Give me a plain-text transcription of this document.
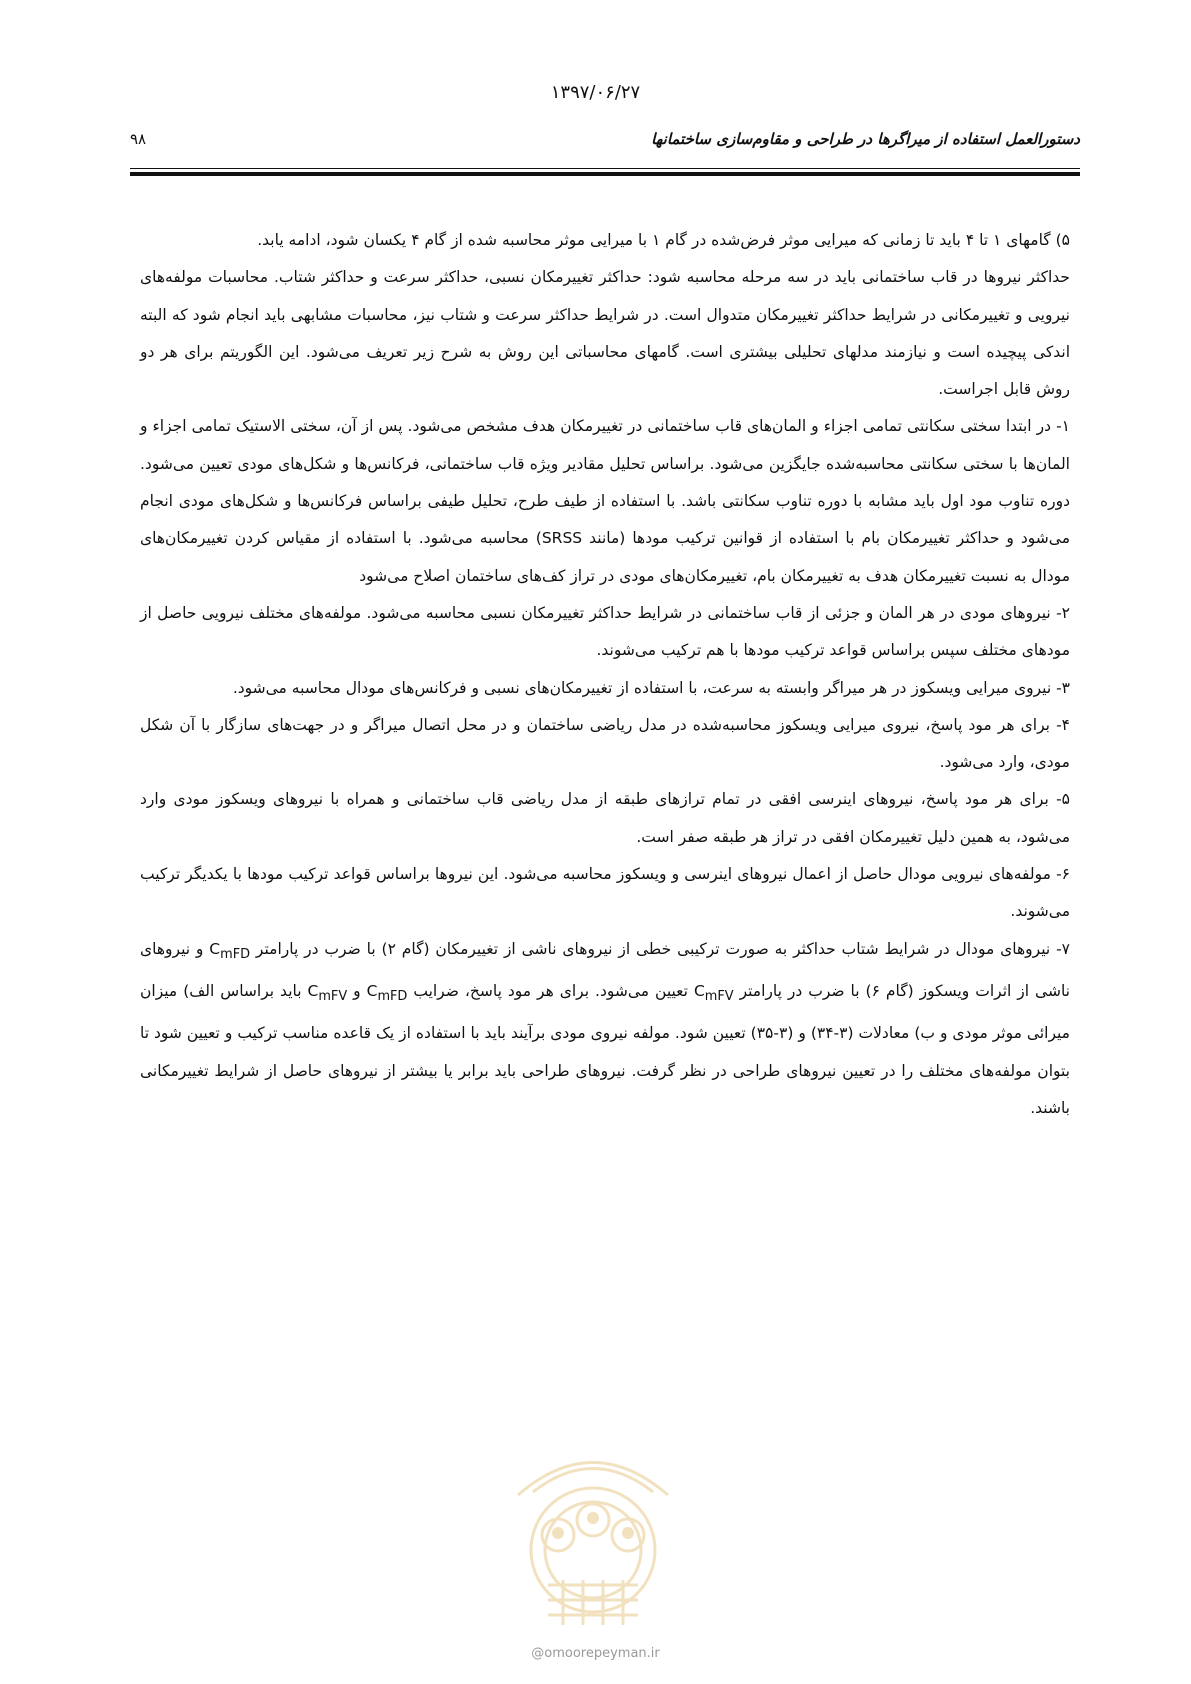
۱۳۹۷/۰۶/۲۷
دستورالعمل استفاده از میراگرها در طراحی و مقاوم‌سازی ساختمانها
۹۸

۵) گامهای ۱ تا ۴ باید تا زمانی که میرایی موثر فرض‌شده در گام ۱ با میرایی موثر محاسبه شده از گام ۴ یکسان شود، ادامه یابد.

حداکثر نیروها در قاب ساختمانی باید در سه مرحله محاسبه شود: حداکثر تغییرمکان نسبی، حداکثر سرعت و حداکثر شتاب. محاسبات مولفه‌های نیرویی و تغییرمکانی در شرایط حداکثر تغییرمکان متدوال است. در شرایط حداکثر سرعت و شتاب نیز، محاسبات مشابهی باید انجام شود که البته اندکی پیچیده است و نیازمند مدلهای تحلیلی بیشتری است. گامهای محاسباتی این روش به شرح زیر تعریف می‌شود. این الگوریتم برای هر دو روش قابل اجراست.

۱- در ابتدا سختی سکانتی تمامی اجزاء و المان‌های قاب ساختمانی در تغییرمکان هدف مشخص می‌شود. پس از آن، سختی الاستیک تمامی اجزاء و المان‌ها با سختی سکانتی محاسبه‌شده جایگزین می‌شود. براساس تحلیل مقادیر ویژه قاب ساختمانی، فرکانس‌ها و شکل‌های مودی تعیین می‌شود. دوره تناوب مود اول باید مشابه با دوره تناوب سکانتی باشد. با استفاده از طیف طرح، تحلیل طیفی براساس فرکانس‌ها و شکل‌های مودی انجام می‌شود و حداکثر تغییرمکان بام با استفاده از قوانین ترکیب مودها (مانند SRSS) محاسبه می‌شود. با استفاده از مقیاس کردن تغییرمکان‌های مودال به نسبت تغییرمکان هدف به تغییرمکان بام، تغییرمکان‌های مودی در تراز کف‌های ساختمان اصلاح می‌شود

۲- نیروهای مودی در هر المان و جزئی از قاب ساختمانی در شرایط حداکثر تغییرمکان نسبی محاسبه می‌شود. مولفه‌های مختلف نیرویی حاصل از مودهای مختلف سپس براساس قواعد ترکیب مودها با هم ترکیب می‌شوند.

۳- نیروی میرایی ویسکوز در هر میراگر وابسته به سرعت، با استفاده از تغییرمکان‌های نسبی و فرکانس‌های مودال محاسبه می‌شود.

۴- برای هر مود پاسخ، نیروی میرایی ویسکوز محاسبه‌شده در مدل ریاضی ساختمان و در محل اتصال میراگر و در جهت‌های سازگار با آن شکل مودی، وارد می‌شود.

۵- برای هر مود پاسخ، نیروهای اینرسی افقی در تمام ترازهای طبقه از مدل ریاضی قاب ساختمانی و همراه با نیروهای ویسکوز مودی وارد می‌شود، به همین دلیل تغییرمکان افقی در تراز هر طبقه صفر است.

۶- مولفه‌های نیرویی مودال حاصل از اعمال نیروهای اینرسی و ویسکوز محاسبه می‌شود. این نیروها براساس قواعد ترکیب مودها با یکدیگر ترکیب می‌شوند.

۷- نیروهای مودال در شرایط شتاب حداکثر به صورت ترکیبی خطی از نیروهای ناشی از تغییرمکان (گام ۲) با ضرب در پارامتر $C_{mFD}$ و نیروهای ناشی از اثرات ویسکوز (گام ۶) با ضرب در پارامتر $C_{mFV}$ تعیین می‌شود. برای هر مود پاسخ، ضرایب $C_{mFD}$ و $C_{mFV}$ باید براساس الف) میزان میرائی موثر مودی و ب) معادلات (۳-۳۴) و (۳-۳۵) تعیین شود. مولفه نیروی مودی برآیند باید با استفاده از یک قاعده مناسب ترکیب و تعیین شود تا بتوان مولفه‌های مختلف را در تعیین نیروهای طراحی در نظر گرفت. نیروهای طراحی باید برابر یا بیشتر از نیروهای حاصل از شرایط تغییرمکانی باشند.

@omoorepeyman.ir
